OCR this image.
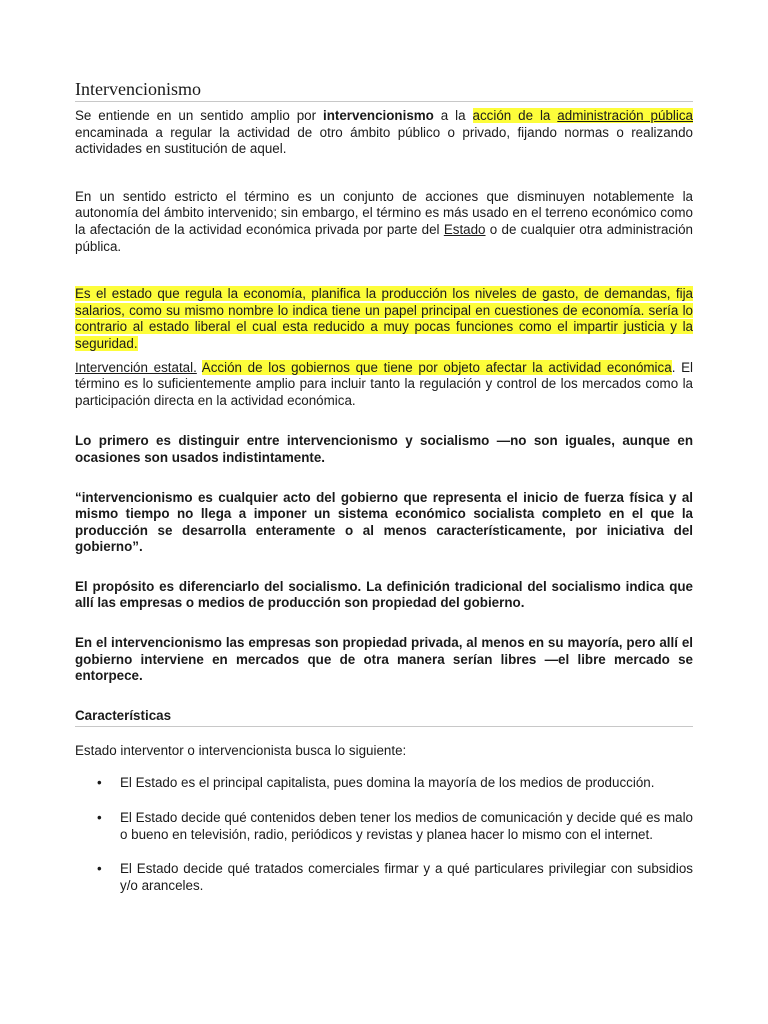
Intervencionismo

Se entiende en un sentido amplio por intervencionismo a la acción de la administración pública encaminada a regular la actividad de otro ámbito público o privado, fijando normas o realizando actividades en sustitución de aquel.

En un sentido estricto el término es un conjunto de acciones que disminuyen notablemente la autonomía del ámbito intervenido; sin embargo, el término es más usado en el terreno económico como la afectación de la actividad económica privada por parte del Estado o de cualquier otra administración pública.

Es el estado que regula la economía, planifica la producción los niveles de gasto, de demandas, fija salarios, como su mismo nombre lo indica tiene un papel principal en cuestiones de economía. sería lo contrario al estado liberal el cual esta reducido a muy pocas funciones como el impartir justicia y la seguridad.

Intervención estatal. Acción de los gobiernos que tiene por objeto afectar la actividad económica. El término es lo suficientemente amplio para incluir tanto la regulación y control de los mercados como la participación directa en la actividad económica.

Lo primero es distinguir entre intervencionismo y socialismo —no son iguales, aunque en ocasiones son usados indistintamente.

“intervencionismo es cualquier acto del gobierno que representa el inicio de fuerza física y al mismo tiempo no llega a imponer un sistema económico socialista completo en el que la producción se desarrolla enteramente o al menos característicamente, por iniciativa del gobierno”.

El propósito es diferenciarlo del socialismo. La definición tradicional del socialismo indica que allí las empresas o medios de producción son propiedad del gobierno.

En el intervencionismo las empresas son propiedad privada, al menos en su mayoría, pero allí el gobierno interviene en mercados que de otra manera serían libres —el libre mercado se entorpece.

Características

Estado interventor o intervencionista busca lo siguiente:

• El Estado es el principal capitalista, pues domina la mayoría de los medios de producción.
• El Estado decide qué contenidos deben tener los medios de comunicación y decide qué es malo o bueno en televisión, radio, periódicos y revistas y planea hacer lo mismo con el internet.
• El Estado decide qué tratados comerciales firmar y a qué particulares privilegiar con subsidios y/o aranceles.
